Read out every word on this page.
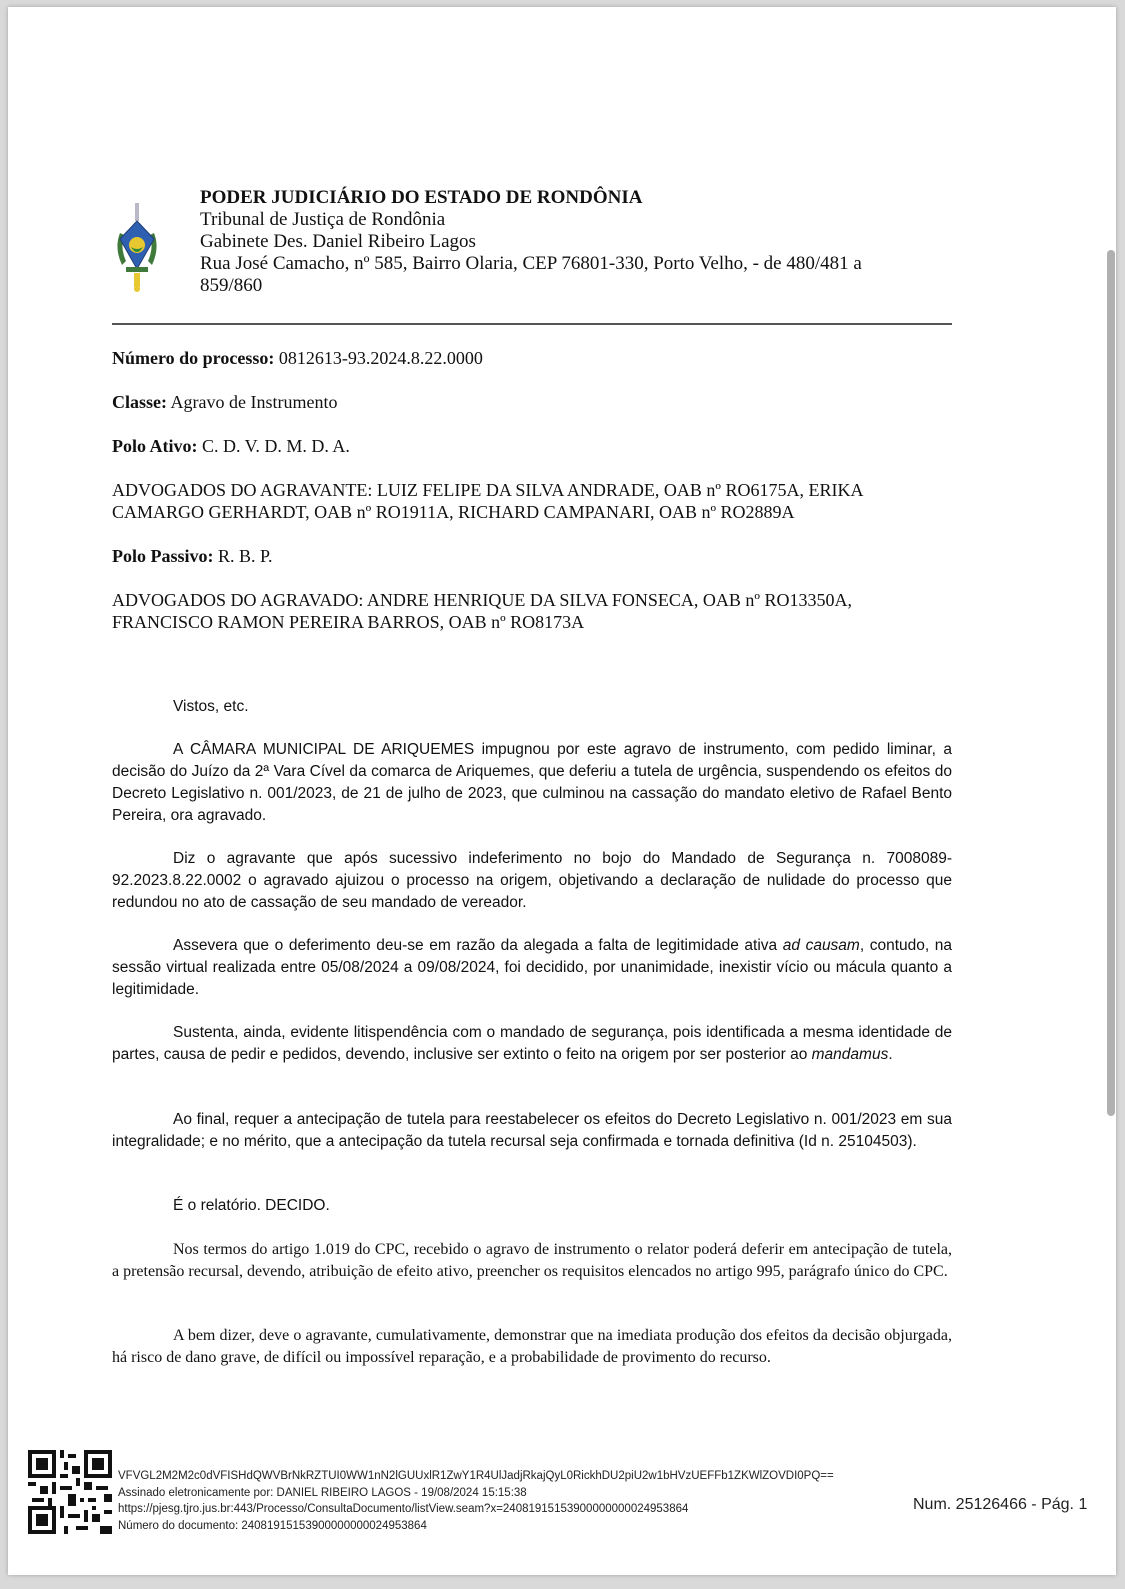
PODER JUDICIÁRIO DO ESTADO DE RONDÔNIA
Tribunal de Justiça de Rondônia
Gabinete Des. Daniel Ribeiro Lagos
Rua José Camacho, nº 585, Bairro Olaria, CEP 76801-330, Porto Velho, - de 480/481 a
859/860

Número do processo: 0812613-93.2024.8.22.0000

Classe: Agravo de Instrumento

Polo Ativo: C. D. V. D. M. D. A.

ADVOGADOS DO AGRAVANTE: LUIZ FELIPE DA SILVA ANDRADE, OAB nº RO6175A, ERIKA CAMARGO GERHARDT, OAB nº RO1911A, RICHARD CAMPANARI, OAB nº RO2889A

Polo Passivo: R. B. P.

ADVOGADOS DO AGRAVADO: ANDRE HENRIQUE DA SILVA FONSECA, OAB nº RO13350A, FRANCISCO RAMON PEREIRA BARROS, OAB nº RO8173A

Vistos, etc.

A CÂMARA MUNICIPAL DE ARIQUEMES impugnou por este agravo de instrumento, com pedido liminar, a decisão do Juízo da 2ª Vara Cível da comarca de Ariquemes, que deferiu a tutela de urgência, suspendendo os efeitos do Decreto Legislativo n. 001/2023, de 21 de julho de 2023, que culminou na cassação do mandato eletivo de Rafael Bento Pereira, ora agravado.

Diz o agravante que após sucessivo indeferimento no bojo do Mandado de Segurança n. 7008089-92.2023.8.22.0002 o agravado ajuizou o processo na origem, objetivando a declaração de nulidade do processo que redundou no ato de cassação de seu mandado de vereador.

Assevera que o deferimento deu-se em razão da alegada a falta de legitimidade ativa ad causam, contudo, na sessão virtual realizada entre 05/08/2024 a 09/08/2024, foi decidido, por unanimidade, inexistir vício ou mácula quanto a legitimidade.

Sustenta, ainda, evidente litispendência com o mandado de segurança, pois identificada a mesma identidade de partes, causa de pedir e pedidos, devendo, inclusive ser extinto o feito na origem por ser posterior ao mandamus.

Ao final, requer a antecipação de tutela para reestabelecer os efeitos do Decreto Legislativo n. 001/2023 em sua integralidade; e no mérito, que a antecipação da tutela recursal seja confirmada e tornada definitiva (Id n. 25104503).

É o relatório. DECIDO.

Nos termos do artigo 1.019 do CPC, recebido o agravo de instrumento o relator poderá deferir em antecipação de tutela, a pretensão recursal, devendo, atribuição de efeito ativo, preencher os requisitos elencados no artigo 995, parágrafo único do CPC.

A bem dizer, deve o agravante, cumulativamente, demonstrar que na imediata produção dos efeitos da decisão objurgada, há risco de dano grave, de difícil ou impossível reparação, e a probabilidade de provimento do recurso.

VFVGL2M2M2c0dVFISHdQWVBrNkRZTUI0WW1nN2lGUUxlR1ZwY1R4UlJadjRkajQyL0RickhDU2piU2w1bHVzUEFFb1ZKWlZOVDI0PQ==
Assinado eletronicamente por: DANIEL RIBEIRO LAGOS - 19/08/2024 15:15:38
https://pjesg.tjro.jus.br:443/Processo/ConsultaDocumento/listView.seam?x=24081915153900000000024953864
Número do documento: 24081915153900000000024953864
Num. 25126466 - Pág. 1
